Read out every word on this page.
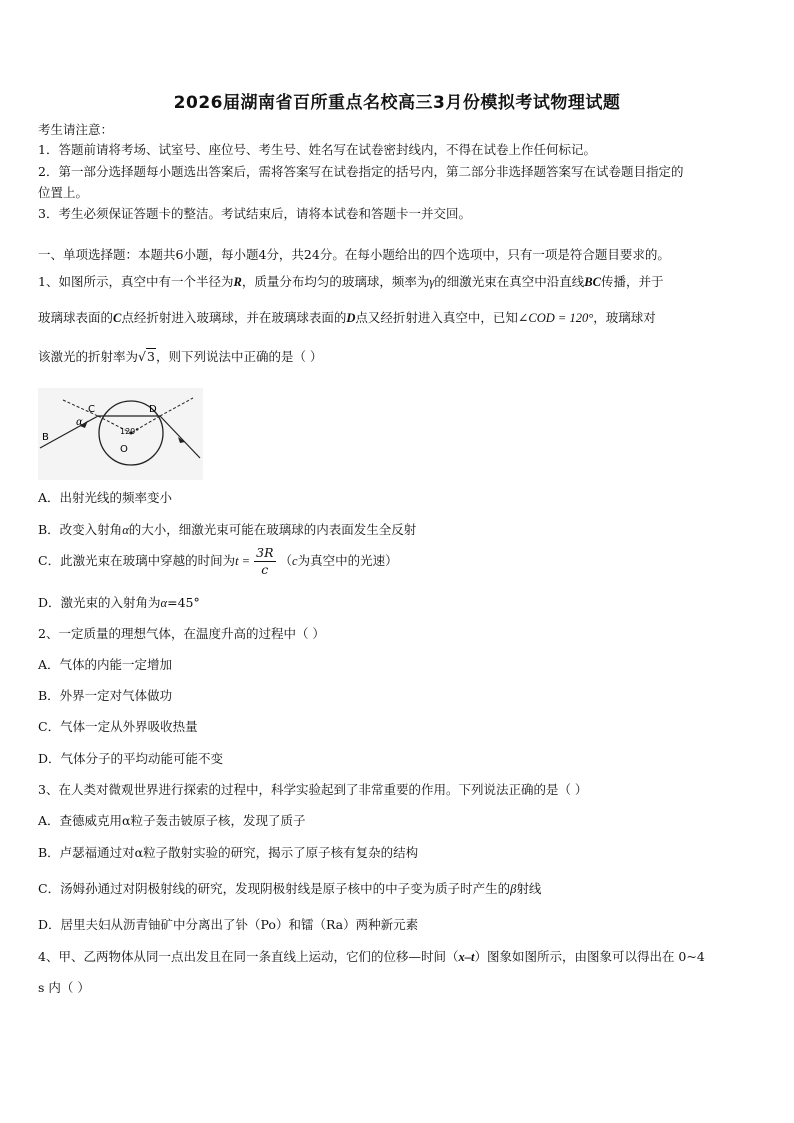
2026届湖南省百所重点名校高三3月份模拟考试物理试题
考生请注意：
1．答题前请将考场、试室号、座位号、考生号、姓名写在试卷密封线内，不得在试卷上作任何标记。
2．第一部分选择题每小题选出答案后，需将答案写在试卷指定的括号内，第二部分非选择题答案写在试卷题目指定的
位置上。
3．考生必须保证答题卡的整洁。考试结束后，请将本试卷和答题卡一并交回。
一、单项选择题：本题共6小题，每小题4分，共24分。在每小题给出的四个选项中，只有一项是符合题目要求的。
1、如图所示，真空中有一个半径为R，质量分布均匀的玻璃球，频率为γ的细激光束在真空中沿直线BC传播，并于
玻璃球表面的C点经折射进入玻璃球，并在玻璃球表面的D点又经折射进入真空中，已知∠COD = 120°，玻璃球对
该激光的折射率为√3，则下列说法中正确的是（ ）
B
C	D
O
α
120°
A．出射光线的频率变小
B．改变入射角α的大小，细激光束可能在玻璃球的内表面发生全反射
C．此激光束在玻璃中穿越的时间为$t = \frac{3R}{c} (c$为真空中的光速）
D．激光束的入射角为α=45°
2、一定质量的理想气体，在温度升高的过程中（ ）
A．气体的内能一定增加
B．外界一定对气体做功
C．气体一定从外界吸收热量
D．气体分子的平均动能可能不变
3、在人类对微观世界进行探索的过程中，科学实验起到了非常重要的作用。下列说法正确的是（ ）
A．查德威克用α粒子轰击铍原子核，发现了质子
B．卢瑟福通过对α粒子散射实验的研究，揭示了原子核有复杂的结构
C．汤姆孙通过对阴极射线的研究，发现阴极射线是原子核中的中子变为质子时产生的β射线
D．居里夫妇从沥青铀矿中分离出了钋（Po）和镭（Ra）两种新元素
4、甲、乙两物体从同一点出发且在同一条直线上运动，它们的位移—时间（x–t）图象如图所示，由图象可以得出在 0~4
s 内（ ）
